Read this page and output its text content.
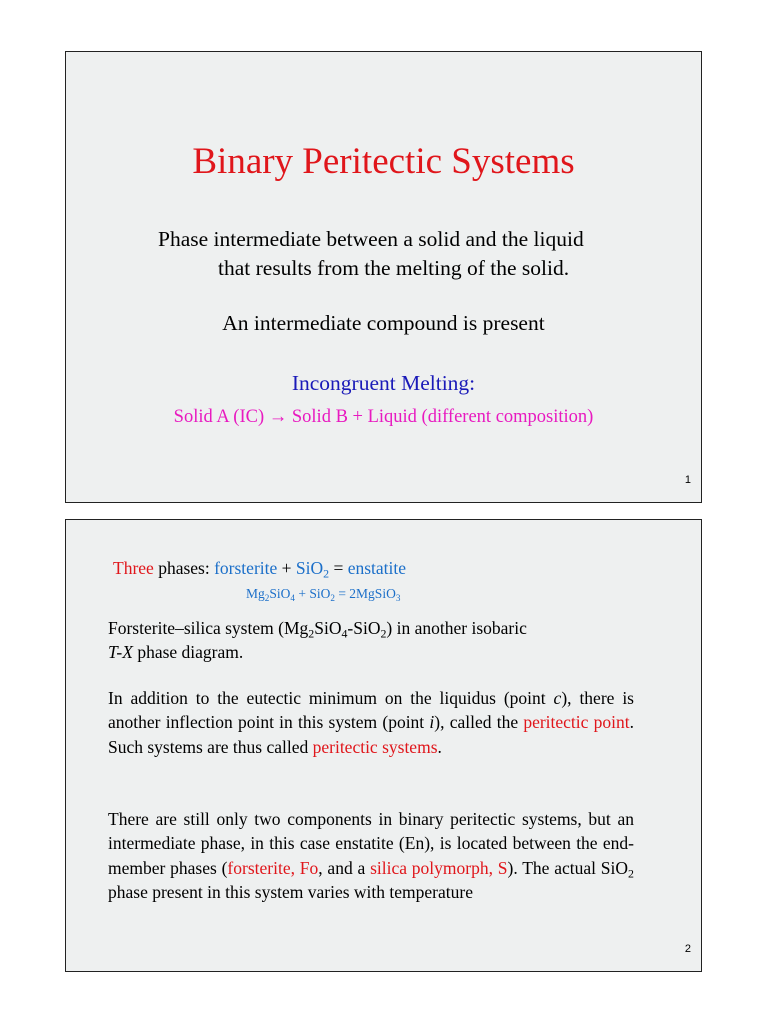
Binary Peritectic Systems
Phase intermediate between a solid and the liquid
that results from the melting of the solid.
An intermediate compound is present
Incongruent Melting:
Solid A (IC) → Solid B + Liquid (different composition)
1
Three phases: forsterite + SiO$_2$ = enstatite
$Mg_2SiO_4 + SiO_2$ = 2MgSiO$_3$
Forsterite–silica system $(Mg_2SiO_4-SiO_2)$ in another isobaric
T-X phase diagram.
In addition to the eutectic minimum on the liquidus (point c), there is another inflection point in this system (point i), called the peritectic point. Such systems are thus called peritectic systems.
There are still only two components in binary peritectic systems, but an intermediate phase, in this case enstatite (En), is located between the end-member phases (forsterite, Fo, and a silica polymorph, S). The actual SiO$_2$ phase present in this system varies with temperature
2
